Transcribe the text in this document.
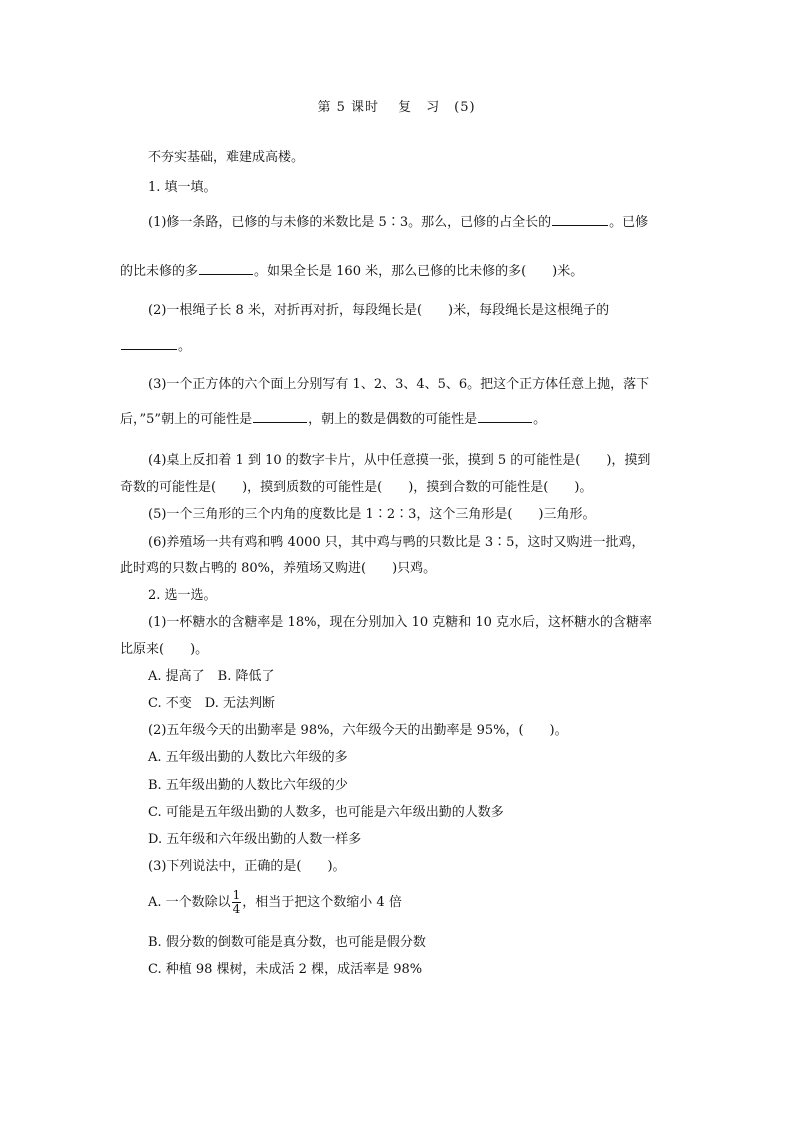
第 5 课时　 复　习　(5)
不夯实基础，难建成高楼。
1. 填一填。
(1)修一条路，已修的与未修的米数比是 5∶3。那么，已修的占全长的	。已修
的比未修的多	。如果全长是 160 米，那么已修的比未修的多(　　)米。
(2)一根绳子长 8 米，对折再对折，每段绳长是(　　)米，每段绳长是这根绳子的
。
(3)一个正方体的六个面上分别写有 1、2、3、4、5、6。把这个正方体任意上抛，落下
后，”5”朝上的可能性是	，朝上的数是偶数的可能性是	。
(4)桌上反扣着 1 到 10 的数字卡片，从中任意摸一张，摸到 5 的可能性是(　　)，摸到
奇数的可能性是(　　)，摸到质数的可能性是(　　)，摸到合数的可能性是(　　)。
(5)一个三角形的三个内角的度数比是 1∶2∶3，这个三角形是(　　)三角形。
(6)养殖场一共有鸡和鸭 4000 只，其中鸡与鸭的只数比是 3∶5，这时又购进一批鸡，
此时鸡的只数占鸭的 80%，养殖场又购进(　　)只鸡。
2. 选一选。
(1)一杯糖水的含糖率是 18%，现在分别加入 10 克糖和 10 克水后，这杯糖水的含糖率
比原来(　　)。
A. 提高了　B. 降低了
C. 不变　D. 无法判断
(2)五年级今天的出勤率是 98%，六年级今天的出勤率是 95%，(　　)。
A. 五年级出勤的人数比六年级的多
B. 五年级出勤的人数比六年级的少
C. 可能是五年级出勤的人数多，也可能是六年级出勤的人数多
D. 五年级和六年级出勤的人数一样多
(3)下列说法中，正确的是(　　)。
A. 一个数除以 $\frac{1}{4}$ ，相当于把这个数缩小 4 倍
B. 假分数的倒数可能是真分数，也可能是假分数
C. 种植 98 棵树，未成活 2 棵，成活率是 98%
